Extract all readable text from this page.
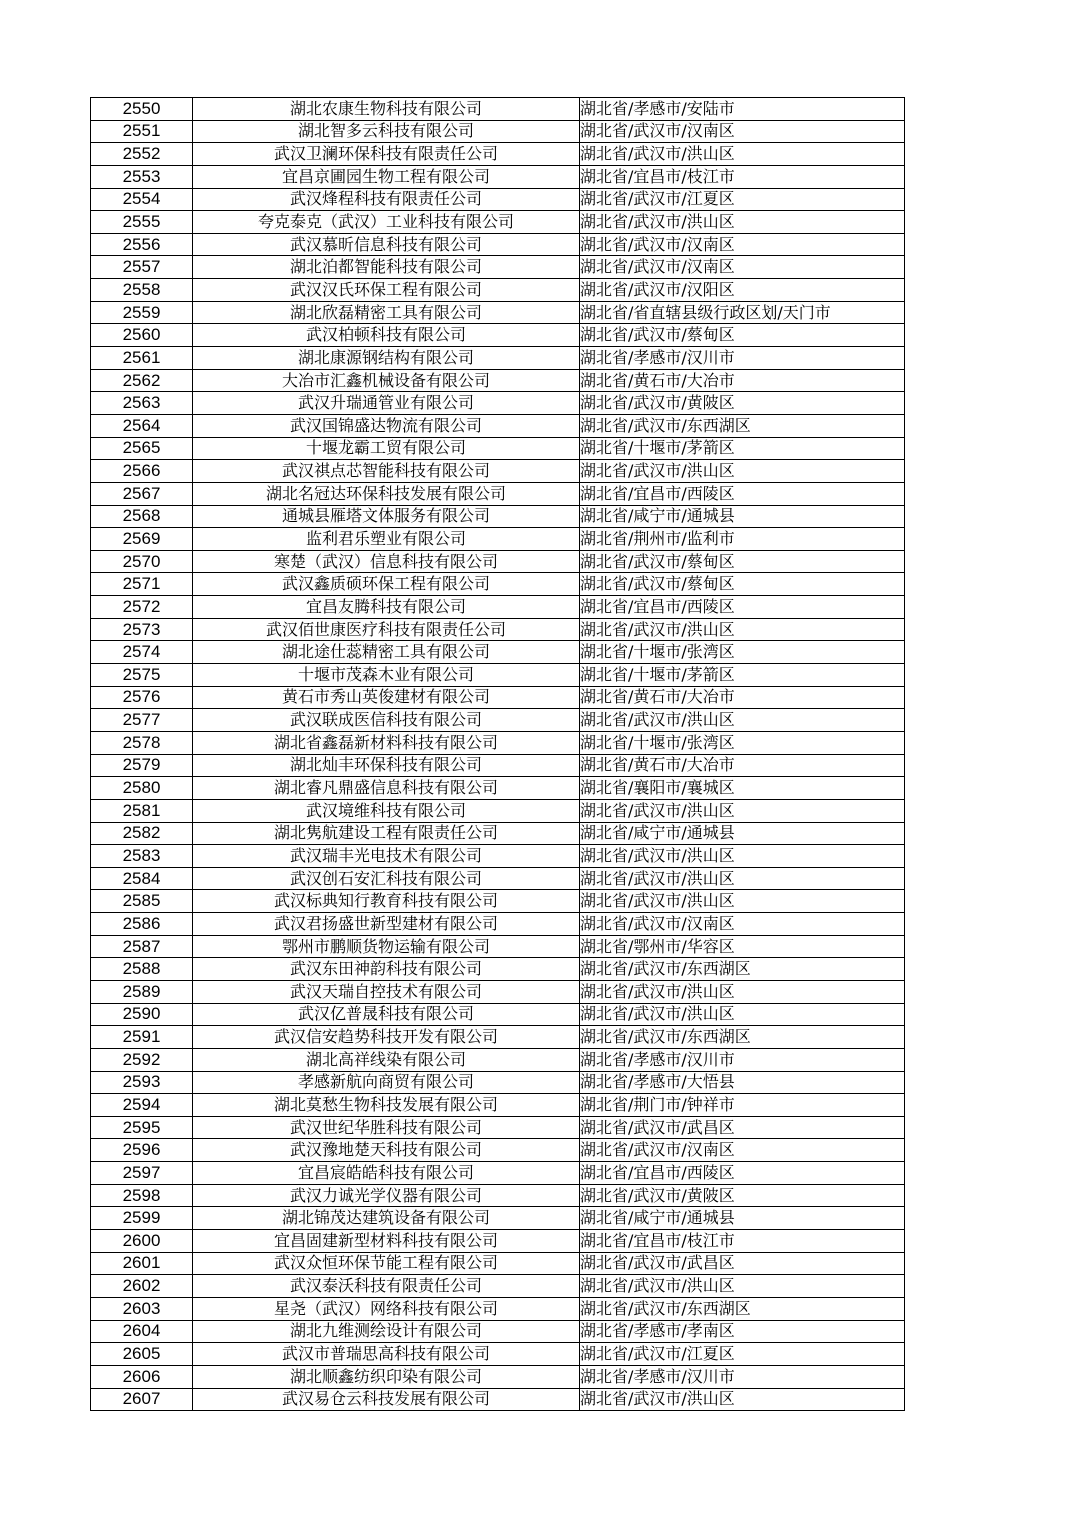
2550	湖北农康生物科技有限公司	湖北省/孝感市/安陆市
2551	湖北智多云科技有限公司	湖北省/武汉市/汉南区
2552	武汉卫澜环保科技有限责任公司	湖北省/武汉市/洪山区
2553	宜昌京圃园生物工程有限公司	湖北省/宜昌市/枝江市
2554	武汉烽程科技有限责任公司	湖北省/武汉市/江夏区
2555	夸克泰克（武汉）工业科技有限公司	湖北省/武汉市/洪山区
2556	武汉慕昕信息科技有限公司	湖北省/武汉市/汉南区
2557	湖北泊都智能科技有限公司	湖北省/武汉市/汉南区
2558	武汉汉氏环保工程有限公司	湖北省/武汉市/汉阳区
2559	湖北欣磊精密工具有限公司	湖北省/省直辖县级行政区划/天门市
2560	武汉柏顿科技有限公司	湖北省/武汉市/蔡甸区
2561	湖北康源钢结构有限公司	湖北省/孝感市/汉川市
2562	大冶市汇鑫机械设备有限公司	湖北省/黄石市/大冶市
2563	武汉升瑞通管业有限公司	湖北省/武汉市/黄陂区
2564	武汉国锦盛达物流有限公司	湖北省/武汉市/东西湖区
2565	十堰龙霸工贸有限公司	湖北省/十堰市/茅箭区
2566	武汉祺点芯智能科技有限公司	湖北省/武汉市/洪山区
2567	湖北名冠达环保科技发展有限公司	湖北省/宜昌市/西陵区
2568	通城县雁塔文体服务有限公司	湖北省/咸宁市/通城县
2569	监利君乐塑业有限公司	湖北省/荆州市/监利市
2570	寒楚（武汉）信息科技有限公司	湖北省/武汉市/蔡甸区
2571	武汉鑫质硕环保工程有限公司	湖北省/武汉市/蔡甸区
2572	宜昌友腾科技有限公司	湖北省/宜昌市/西陵区
2573	武汉佰世康医疗科技有限责任公司	湖北省/武汉市/洪山区
2574	湖北途仕蕊精密工具有限公司	湖北省/十堰市/张湾区
2575	十堰市茂森木业有限公司	湖北省/十堰市/茅箭区
2576	黄石市秀山英俊建材有限公司	湖北省/黄石市/大冶市
2577	武汉联成医信科技有限公司	湖北省/武汉市/洪山区
2578	湖北省鑫磊新材料科技有限公司	湖北省/十堰市/张湾区
2579	湖北灿丰环保科技有限公司	湖北省/黄石市/大冶市
2580	湖北睿凡鼎盛信息科技有限公司	湖北省/襄阳市/襄城区
2581	武汉境维科技有限公司	湖北省/武汉市/洪山区
2582	湖北隽航建设工程有限责任公司	湖北省/咸宁市/通城县
2583	武汉瑞丰光电技术有限公司	湖北省/武汉市/洪山区
2584	武汉创石安汇科技有限公司	湖北省/武汉市/洪山区
2585	武汉标典知行教育科技有限公司	湖北省/武汉市/洪山区
2586	武汉君扬盛世新型建材有限公司	湖北省/武汉市/汉南区
2587	鄂州市鹏顺货物运输有限公司	湖北省/鄂州市/华容区
2588	武汉东田神韵科技有限公司	湖北省/武汉市/东西湖区
2589	武汉天瑞自控技术有限公司	湖北省/武汉市/洪山区
2590	武汉亿普晟科技有限公司	湖北省/武汉市/洪山区
2591	武汉信安趋势科技开发有限公司	湖北省/武汉市/东西湖区
2592	湖北高祥线染有限公司	湖北省/孝感市/汉川市
2593	孝感新航向商贸有限公司	湖北省/孝感市/大悟县
2594	湖北莫愁生物科技发展有限公司	湖北省/荆门市/钟祥市
2595	武汉世纪华胜科技有限公司	湖北省/武汉市/武昌区
2596	武汉豫地楚天科技有限公司	湖北省/武汉市/汉南区
2597	宜昌宸皓皓科技有限公司	湖北省/宜昌市/西陵区
2598	武汉力诚光学仪器有限公司	湖北省/武汉市/黄陂区
2599	湖北锦茂达建筑设备有限公司	湖北省/咸宁市/通城县
2600	宜昌固建新型材料科技有限公司	湖北省/宜昌市/枝江市
2601	武汉众恒环保节能工程有限公司	湖北省/武汉市/武昌区
2602	武汉泰沃科技有限责任公司	湖北省/武汉市/洪山区
2603	星尧（武汉）网络科技有限公司	湖北省/武汉市/东西湖区
2604	湖北九维测绘设计有限公司	湖北省/孝感市/孝南区
2605	武汉市普瑞思高科技有限公司	湖北省/武汉市/江夏区
2606	湖北顺鑫纺织印染有限公司	湖北省/孝感市/汉川市
2607	武汉易仓云科技发展有限公司	湖北省/武汉市/洪山区
